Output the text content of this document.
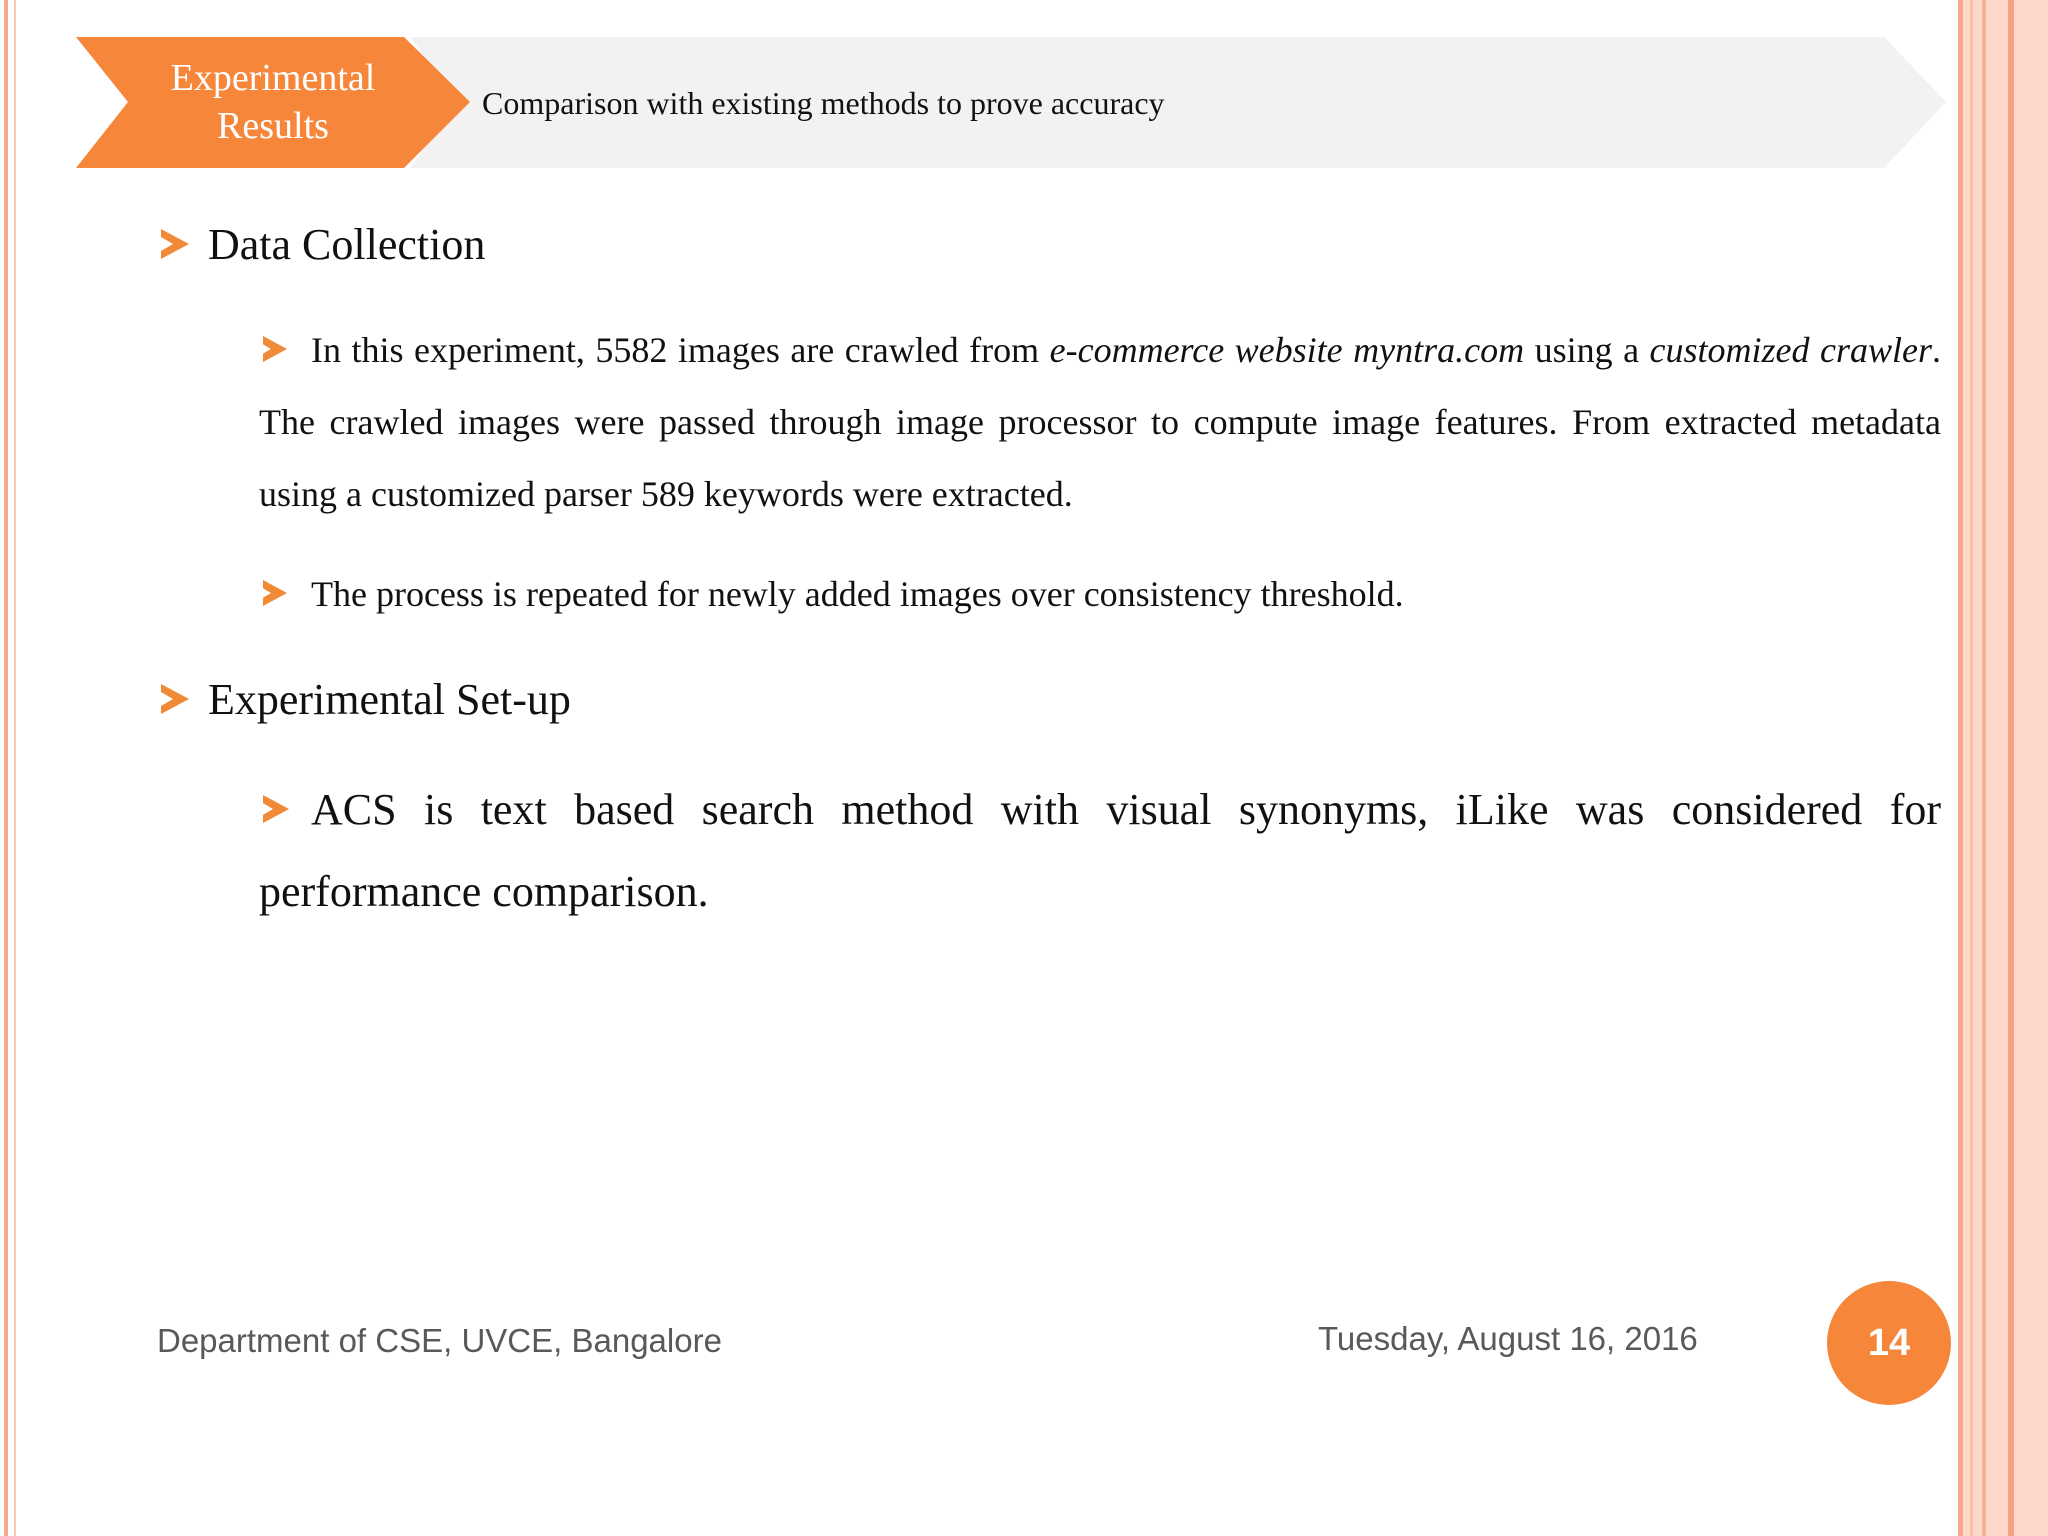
Experimental Results
Comparison with existing methods to prove accuracy
Data Collection
In this experiment, 5582 images are crawled from e-commerce website myntra.com using a customized crawler. The crawled images were passed through image processor to compute image features. From extracted metadata using a customized parser 589 keywords were extracted.
The process is repeated for newly added images over consistency threshold.
Experimental Set-up
ACS is text based search method with visual synonyms, iLike was considered for performance comparison.
Department of CSE, UVCE, Bangalore	Tuesday, August 16, 2016	14
